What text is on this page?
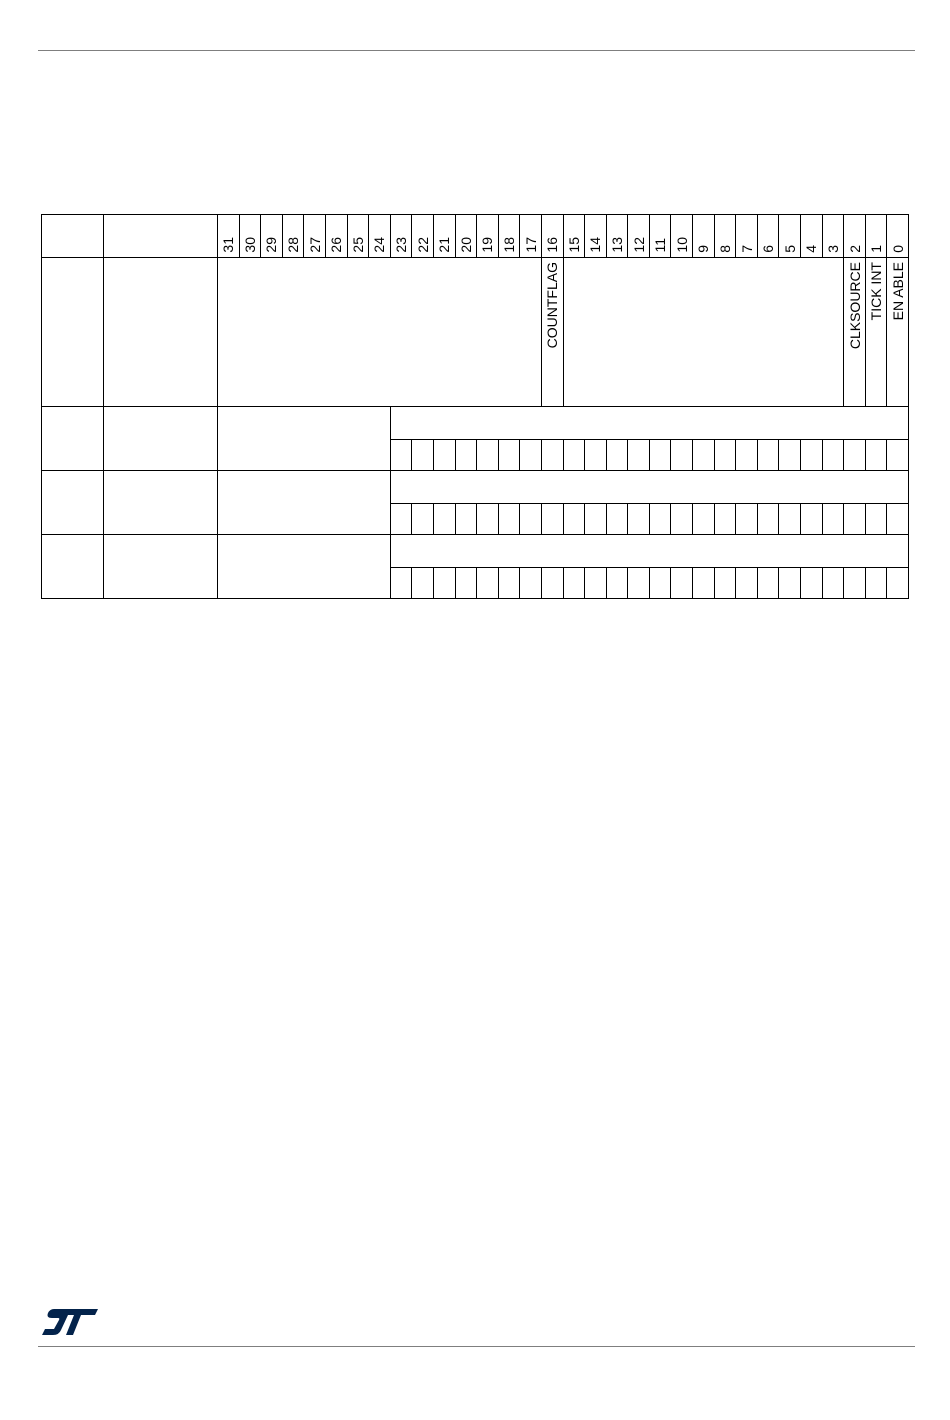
		31	30	29	28	27	26	25	24	23	22	21	20	19	18	17	16	15	14	13	12	11	10	9	8	7	6	5	4	3	2	1	0

																	COUNTFLAG														CLKSOURCE	TICK INT	EN ABLE
